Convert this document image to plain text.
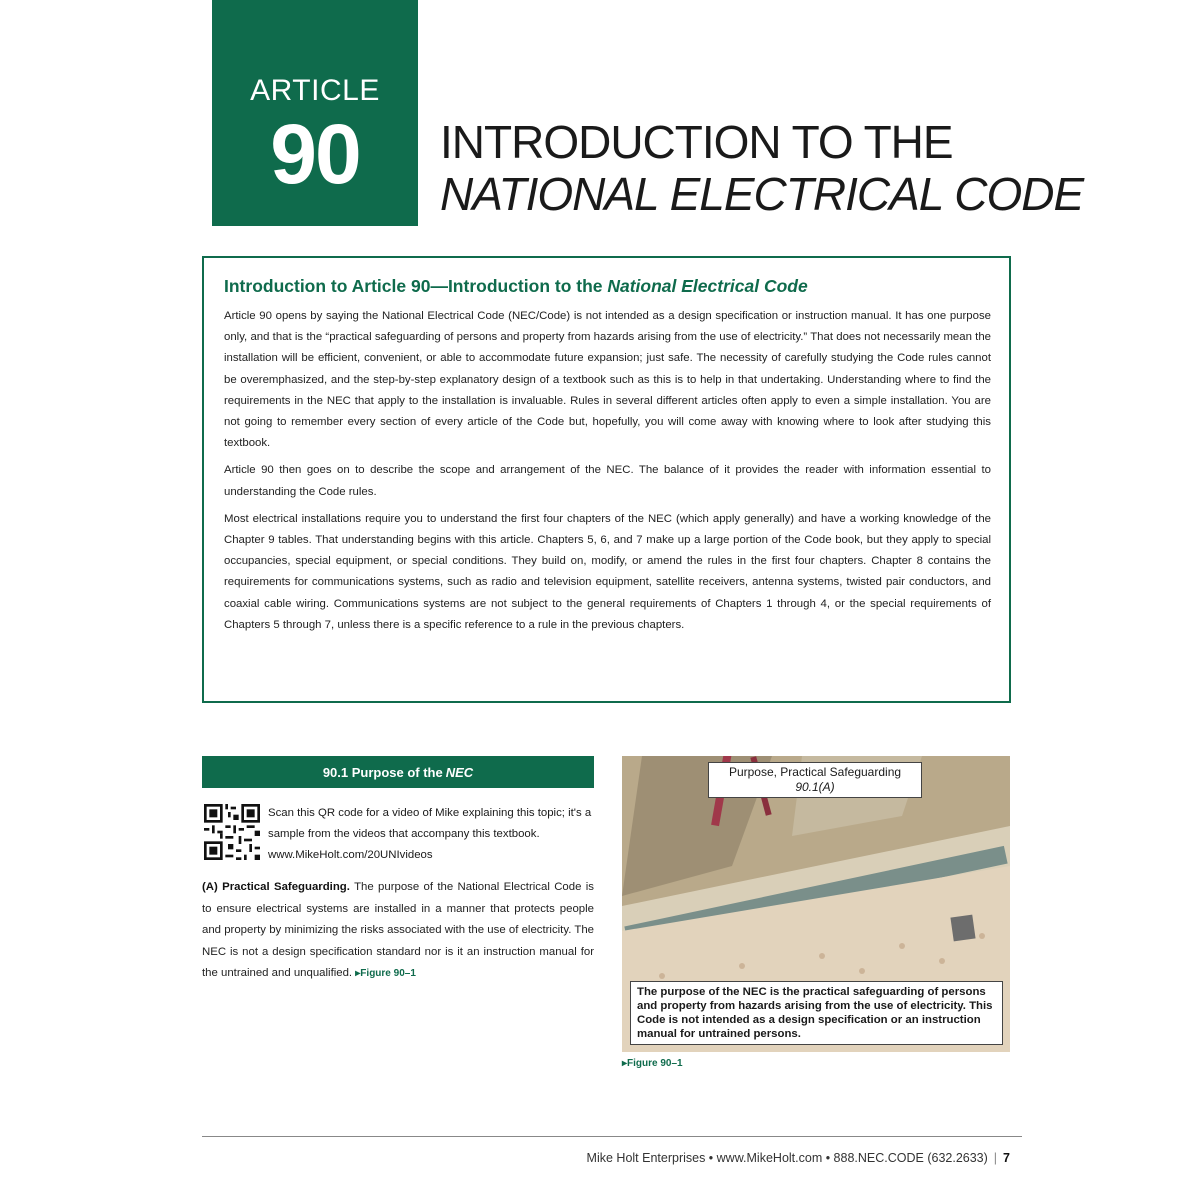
ARTICLE
90	INTRODUCTION TO THE
NATIONAL ELECTRICAL CODE
Introduction to Article 90—Introduction to the National Electrical Code

Article 90 opens by saying the National Electrical Code (NEC/Code) is not intended as a design specification or instruction manual. It has one purpose only, and that is the “practical safeguarding of persons and property from hazards arising from the use of electricity.” That does not necessarily mean the installation will be efficient, convenient, or able to accommodate future expansion; just safe. The necessity of carefully studying the Code rules cannot be overemphasized, and the step-by-step explanatory design of a textbook such as this is to help in that undertaking. Understanding where to find the requirements in the NEC that apply to the installation is invaluable. Rules in several different articles often apply to even a simple installation. You are not going to remember every section of every article of the Code but, hopefully, you will come away with knowing where to look after studying this textbook.

Article 90 then goes on to describe the scope and arrangement of the NEC. The balance of it provides the reader with information essential to understanding the Code rules.

Most electrical installations require you to understand the first four chapters of the NEC (which apply generally) and have a working knowledge of the Chapter 9 tables. That understanding begins with this article. Chapters 5, 6, and 7 make up a large portion of the Code book, but they apply to special occupancies, special equipment, or special conditions. They build on, modify, or amend the rules in the first four chapters. Chapter 8 contains the requirements for communications systems, such as radio and television equipment, satellite receivers, antenna systems, twisted pair conductors, and coaxial cable wiring. Communications systems are not subject to the general requirements of Chapters 1 through 4, or the special requirements of Chapters 5 through 7, unless there is a specific reference to a rule in the previous chapters.

90.1 Purpose of the NEC
Scan this QR code for a video of Mike explaining this topic; it's a sample from the videos that accompany this textbook. www.MikeHolt.com/20UNIvideos
(A) Practical Safeguarding. The purpose of the National Electrical Code is to ensure electrical systems are installed in a manner that protects people and property by minimizing the risks associated with the use of electricity. The NEC is not a design specification standard nor is it an instruction manual for the untrained and unqualified. ▸Figure 90–1
Purpose, Practical Safeguarding
90.1(A)
The purpose of the NEC is the practical safeguarding of persons and property from hazards arising from the use of electricity. This Code is not intended as a design specification or an instruction manual for untrained persons.
▸Figure 90–1
Mike Holt Enterprises • www.MikeHolt.com • 888.NEC.CODE (632.2633) | 7
